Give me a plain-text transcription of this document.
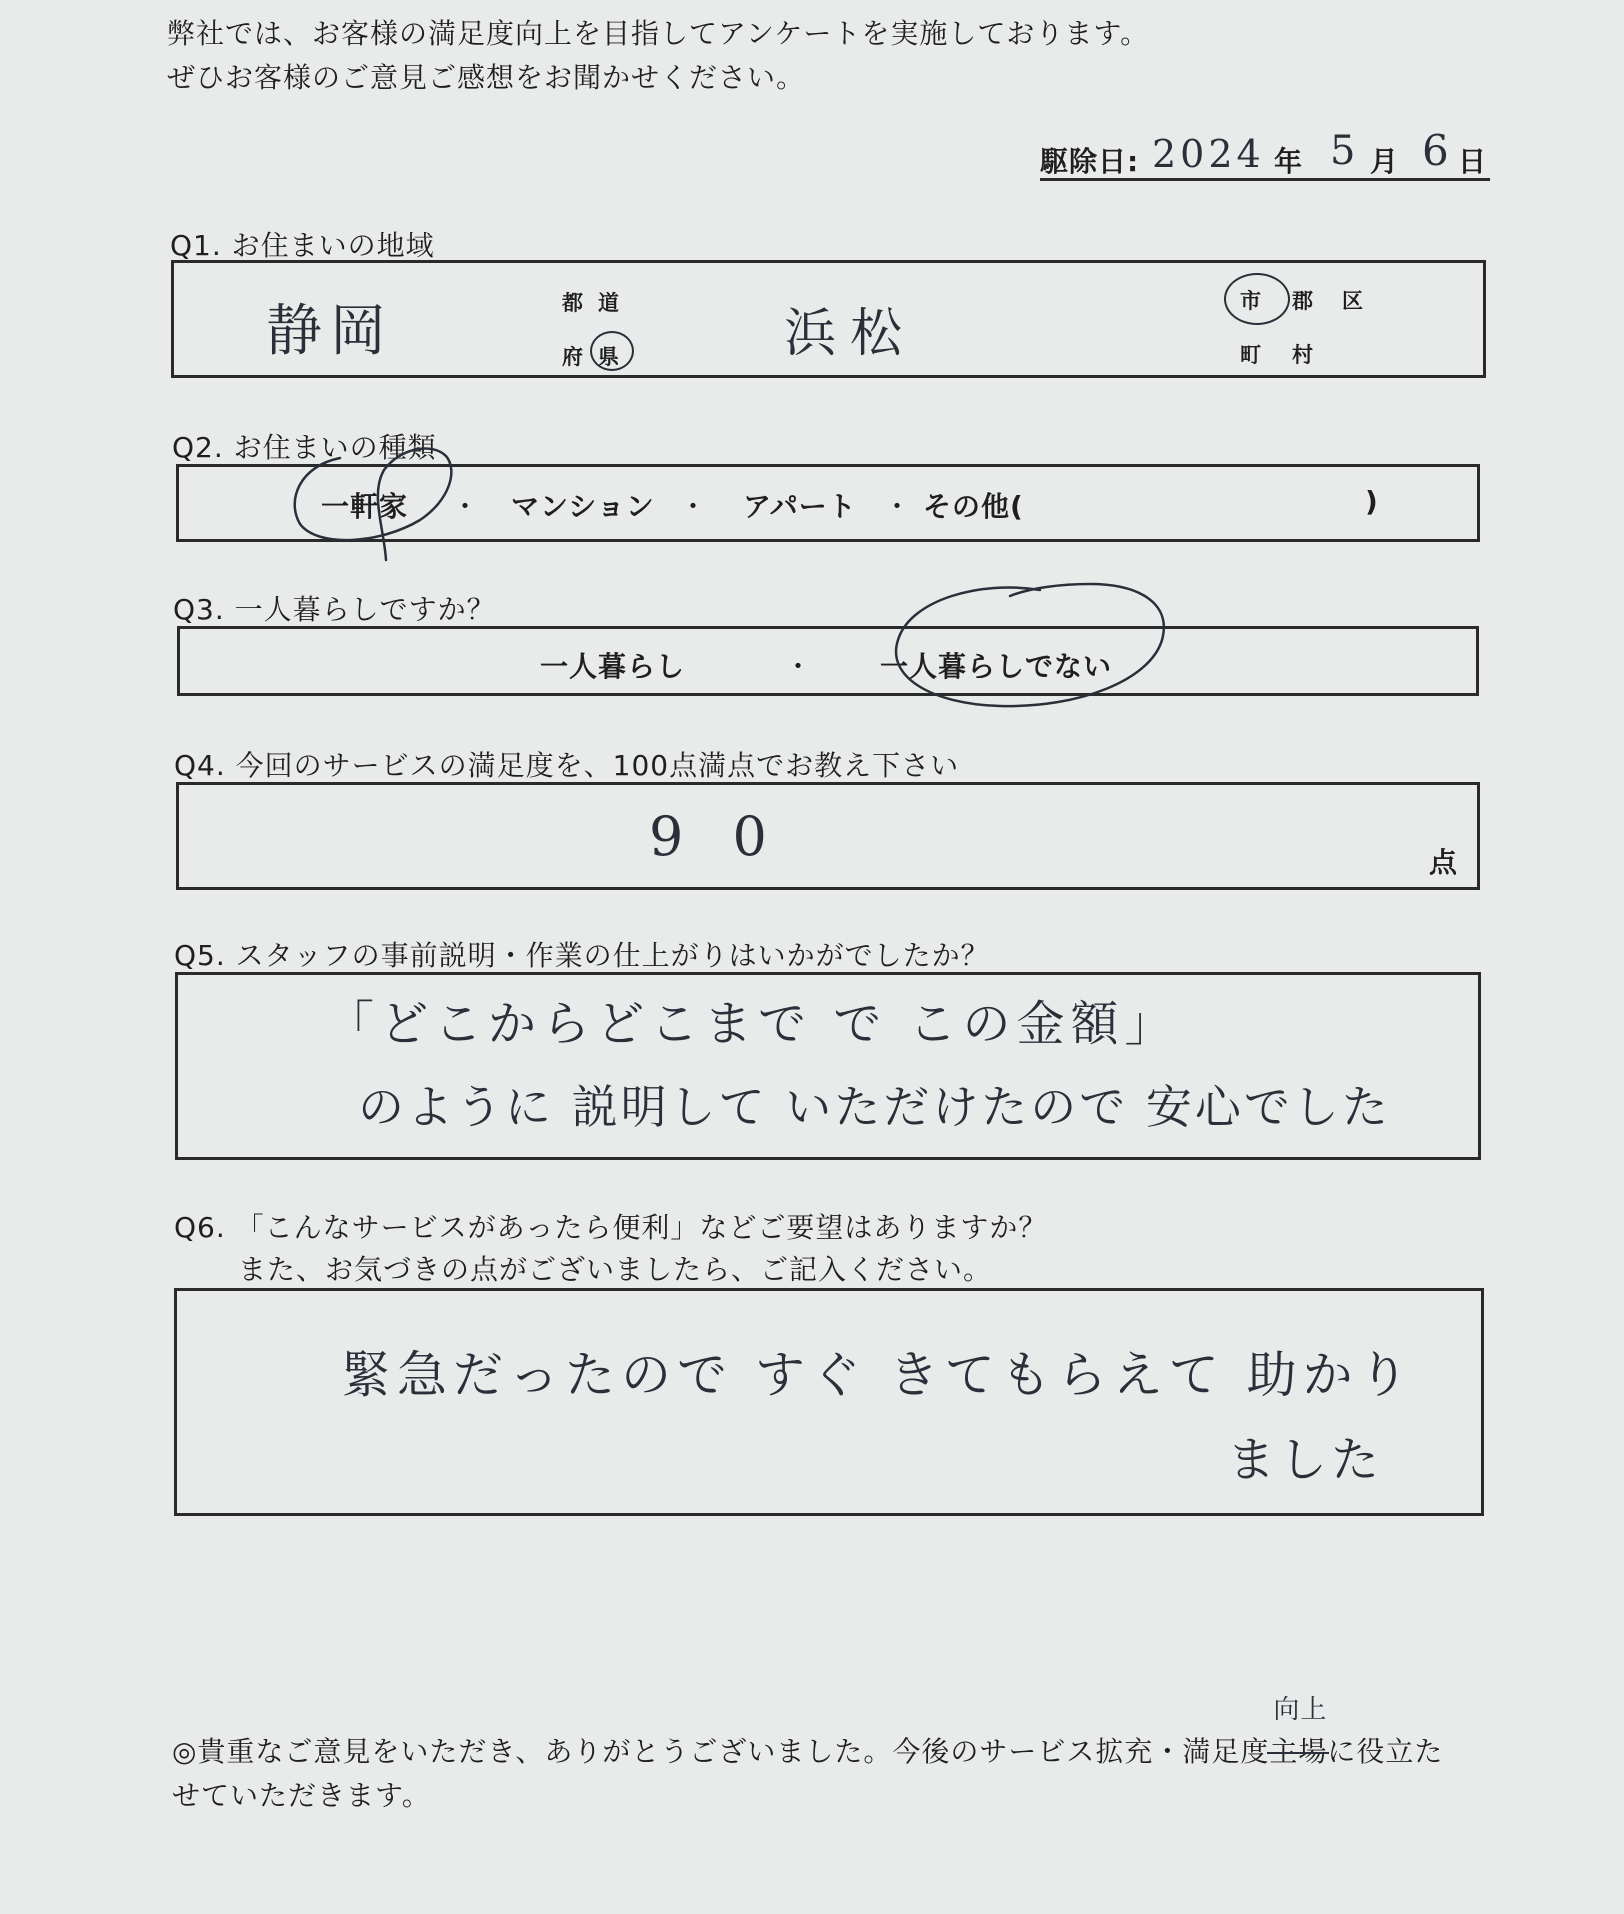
弊社では、お客様の満足度向上を目指してアンケートを実施しております。
ぜひお客様のご意見ご感想をお聞かせください。
駆除日: 2024 年 5 月 6 日
Q1. お住まいの地域
静岡	都 道
府 県	浜松
市 郡 区
町 村
Q2. お住まいの種類
一軒家 ・ マンション ・ アパート ・ その他(	)
Q3. 一人暮らしですか？
一人暮らし	・ 一人暮らしでない
Q4. 今回のサービスの満足度を、100点満点でお教え下さい
9 0	点
Q5. スタッフの事前説明・作業の仕上がりはいかがでしたか？
「どこからどこまで で この金額」
のように 説明して いただけたので 安心でした
Q6. 「こんなサービスがあったら便利」などご要望はありますか？
また、お気づきの点がございましたら、ご記入ください。
緊急だったので すぐ きてもらえて 助かり
ました
◎貴重なご意見をいただき、ありがとうございました。今後のサービス拡充・満足度主場
向上
に役立た
せていただきます。
